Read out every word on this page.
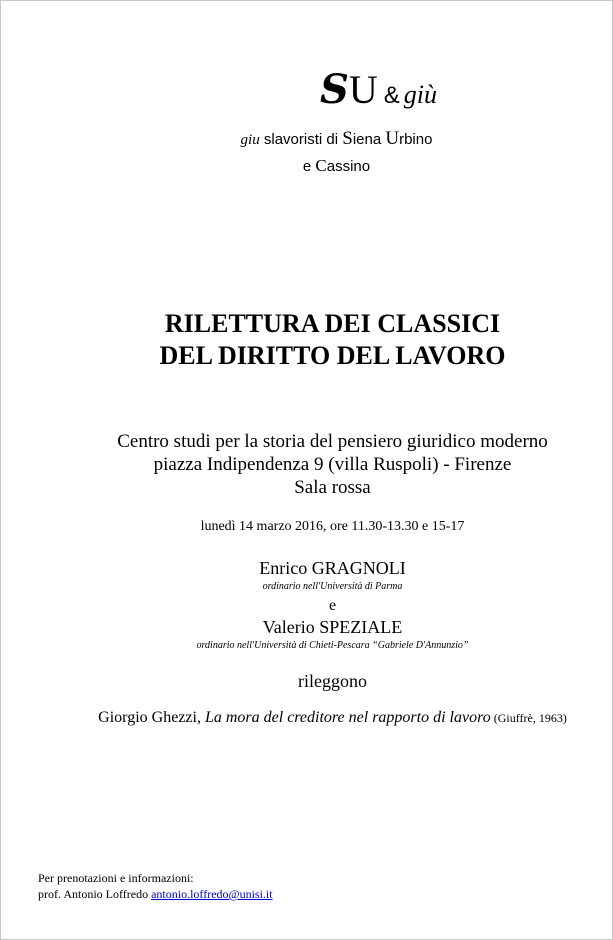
SU & giù
giu slavoristi di Siena Urbino
e Cassino
RILETTURA DEI CLASSICI
DEL DIRITTO DEL LAVORO
Centro studi per la storia del pensiero giuridico moderno
piazza Indipendenza 9 (villa Ruspoli) - Firenze
Sala rossa
lunedì 14 marzo 2016, ore 11.30-13.30 e 15-17
Enrico GRAGNOLI
ordinario nell'Università di Parma
e
Valerio SPEZIALE
ordinario nell'Università di Chieti-Pescara “Gabriele D'Annunzio”
rileggono
Giorgio Ghezzi, La mora del creditore nel rapporto di lavoro (Giuffrè, 1963)
Per prenotazioni e informazioni:
prof. Antonio Loffredo antonio.loffredo@unisi.it
